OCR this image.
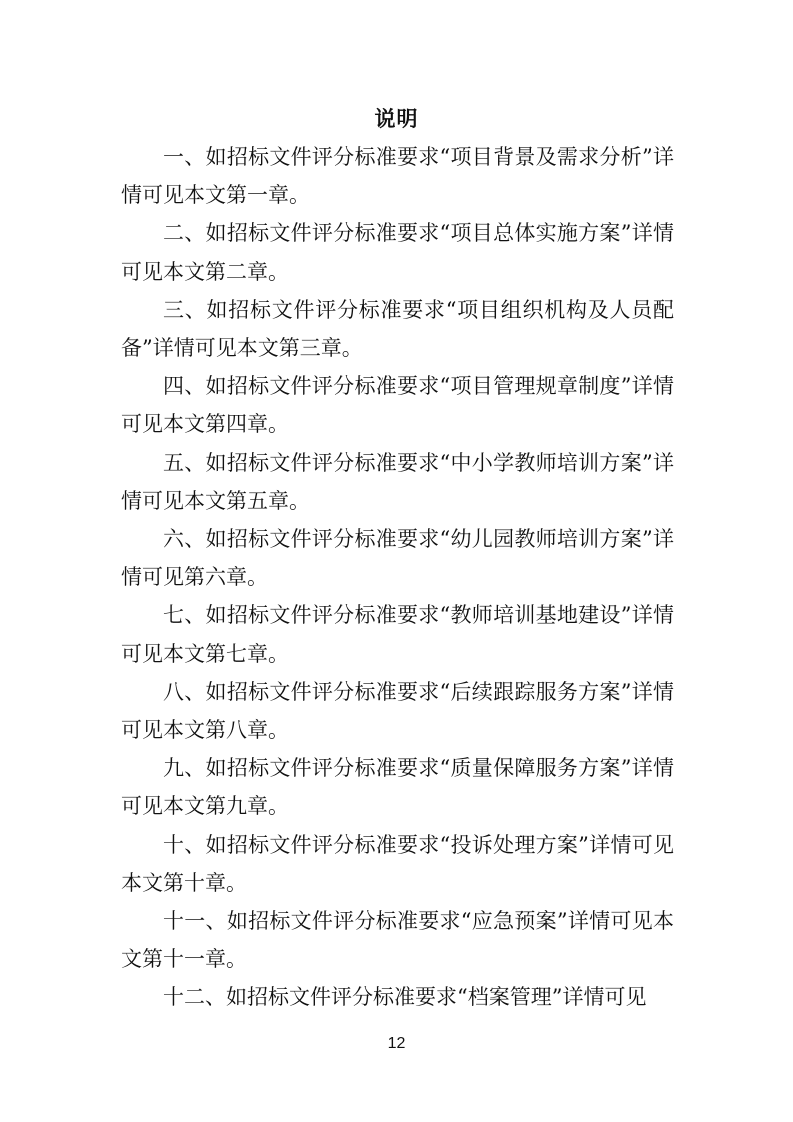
说明

一、如招标文件评分标准要求“项目背景及需求分析”详情可见本文第一章。

二、如招标文件评分标准要求“项目总体实施方案”详情可见本文第二章。

三、如招标文件评分标准要求“项目组织机构及人员配备”详情可见本文第三章。

四、如招标文件评分标准要求“项目管理规章制度”详情可见本文第四章。

五、如招标文件评分标准要求“中小学教师培训方案”详情可见本文第五章。

六、如招标文件评分标准要求“幼儿园教师培训方案”详情可见第六章。

七、如招标文件评分标准要求“教师培训基地建设”详情可见本文第七章。

八、如招标文件评分标准要求“后续跟踪服务方案”详情可见本文第八章。

九、如招标文件评分标准要求“质量保障服务方案”详情可见本文第九章。

十、如招标文件评分标准要求“投诉处理方案”详情可见本文第十章。

十一、如招标文件评分标准要求“应急预案”详情可见本文第十一章。

十二、如招标文件评分标准要求“档案管理”详情可见

12
